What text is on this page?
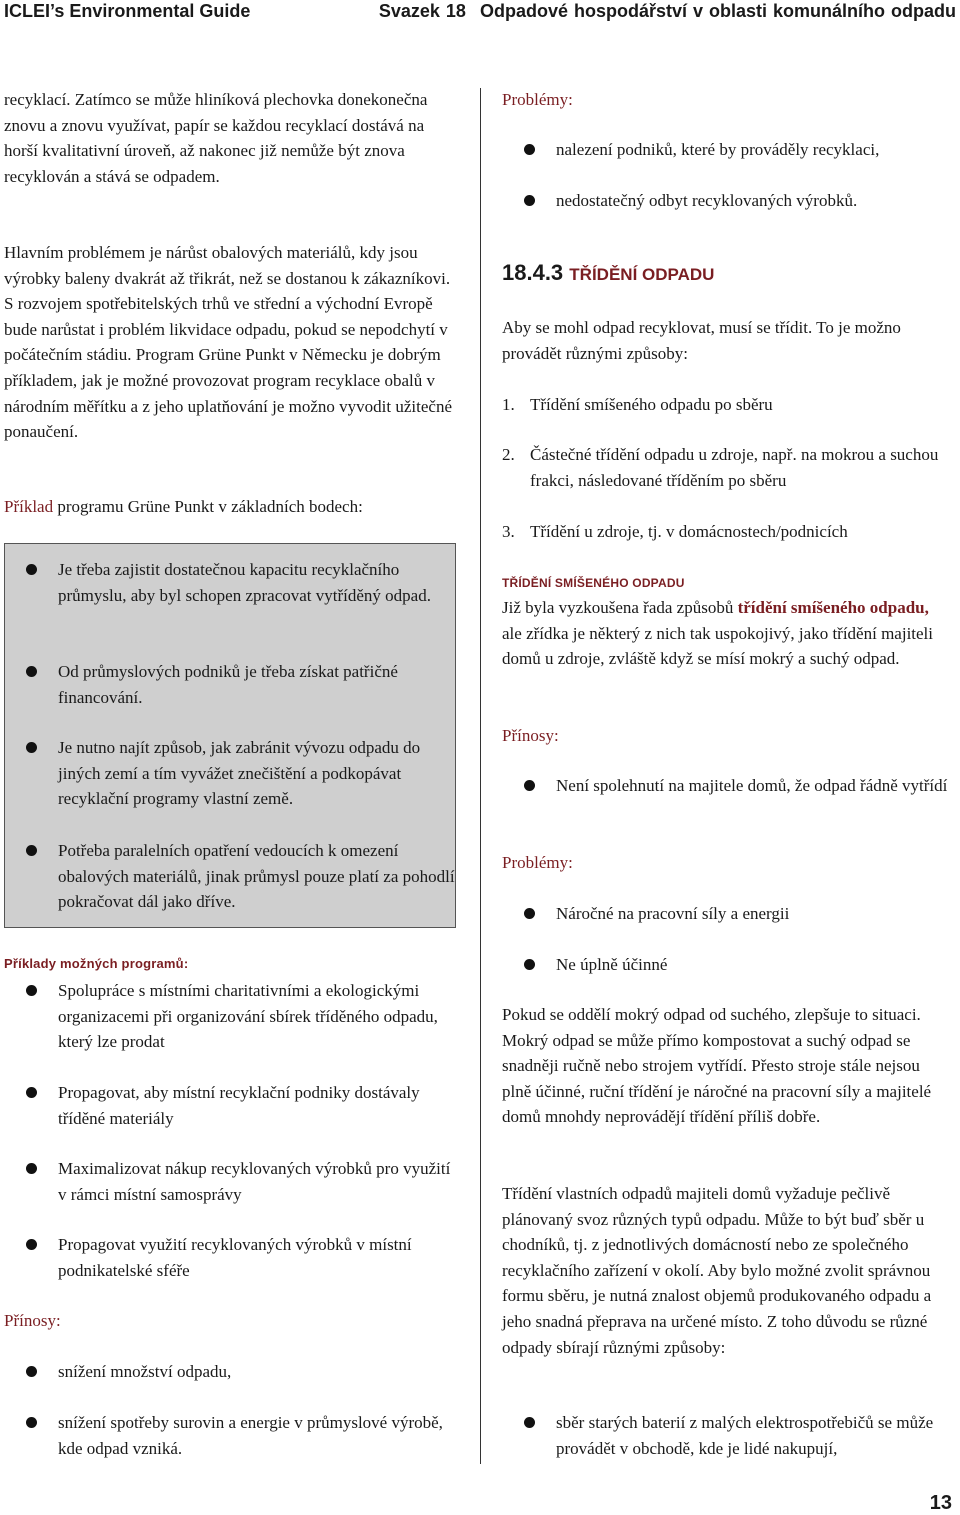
ICLEI’s Environmental Guide	Svazek 18 Odpadové hospodářství v oblasti komunálního odpadu

recyklací. Zatímco se může hliníková plechovka donekonečna znovu a znovu využívat, papír se každou recyklací dostává na horší kvalitativní úroveň, až nakonec již nemůže být znova recyklován a stává se odpadem.

Hlavním problémem je nárůst obalových materiálů, kdy jsou výrobky baleny dvakrát až třikrát, než se dostanou k zákazníkovi. S rozvojem spotřebitelských trhů ve střední a východní Evropě bude narůstat i problém likvidace odpadu, pokud se nepodchytí v počátečním stádiu. Program Grüne Punkt v Německu je dobrým příkladem, jak je možné provozovat program recyklace obalů v národním měřítku a z jeho uplatňování je možno vyvodit užitečné ponaučení.

Příklad programu Grüne Punkt v základních bodech:

Je třeba zajistit dostatečnou kapacitu recyklačního průmyslu, aby byl schopen zpracovat vytříděný odpad.
Od průmyslových podniků je třeba získat patřičné financování.
Je nutno najít způsob, jak zabránit vývozu odpadu do jiných zemí a tím vyvážet znečištění a podkopávat recyklační programy vlastní země.
Potřeba paralelních opatření vedoucích k omezení obalových materiálů, jinak průmysl pouze platí za pohodlí pokračovat dál jako dříve.
Příklady možných programů:
Spolupráce s místními charitativními a ekologickými organizacemi při organizování sbírek tříděného odpadu, který lze prodat
Propagovat, aby místní recyklační podniky dostávaly tříděné materiály
Maximalizovat nákup recyklovaných výrobků pro využití v rámci místní samosprávy
Propagovat využití recyklovaných výrobků v místní podnikatelské sféře
Přínosy:
snížení množství odpadu,
snížení spotřeby surovin a energie v průmyslové výrobě, kde odpad vzniká.
Problémy:
nalezení podniků, které by prováděly recyklaci,
nedostatečný odbyt recyklovaných výrobků.
18.4.3 TŘÍDĚNÍ ODPADU

Aby se mohl odpad recyklovat, musí se třídit. To je možno provádět různými způsoby:

1. Třídění smíšeného odpadu po sběru
2. Částečné třídění odpadu u zdroje, např. na mokrou a suchou frakci, následované tříděním po sběru
3. Třídění u zdroje, tj. v domácnostech/podnicích
TŘÍDĚNÍ SMÍŠENÉHO ODPADU

Již byla vyzkoušena řada způsobů třídění smíšeného odpadu, ale zřídka je některý z nich tak uspokojivý, jako třídění majiteli domů u zdroje, zvláště když se mísí mokrý a suchý odpad.

Přínosy:
Není spolehnutí na majitele domů, že odpad řádně vytřídí
Problémy:
Náročné na pracovní síly a energii
Ne úplně účinné

Pokud se oddělí mokrý odpad od suchého, zlepšuje to situaci. Mokrý odpad se může přímo kompostovat a suchý odpad se snadněji ručně nebo strojem vytřídí. Přesto stroje stále nejsou plně účinné, ruční třídění je náročné na pracovní síly a majitelé domů mnohdy neprovádějí třídění příliš dobře.

Třídění vlastních odpadů majiteli domů vyžaduje pečlivě plánovaný svoz různých typů odpadu. Může to být buď sběr u chodníků, tj. z jednotlivých domácností nebo ze společného recyklačního zařízení v okolí. Aby bylo možné zvolit správnou formu sběru, je nutná znalost objemů produkovaného odpadu a jeho snadná přeprava na určené místo. Z toho důvodu se různé odpady sbírají různými způsoby:

sběr starých baterií z malých elektrospotřebičů se může provádět v obchodě, kde je lidé nakupují,
13
